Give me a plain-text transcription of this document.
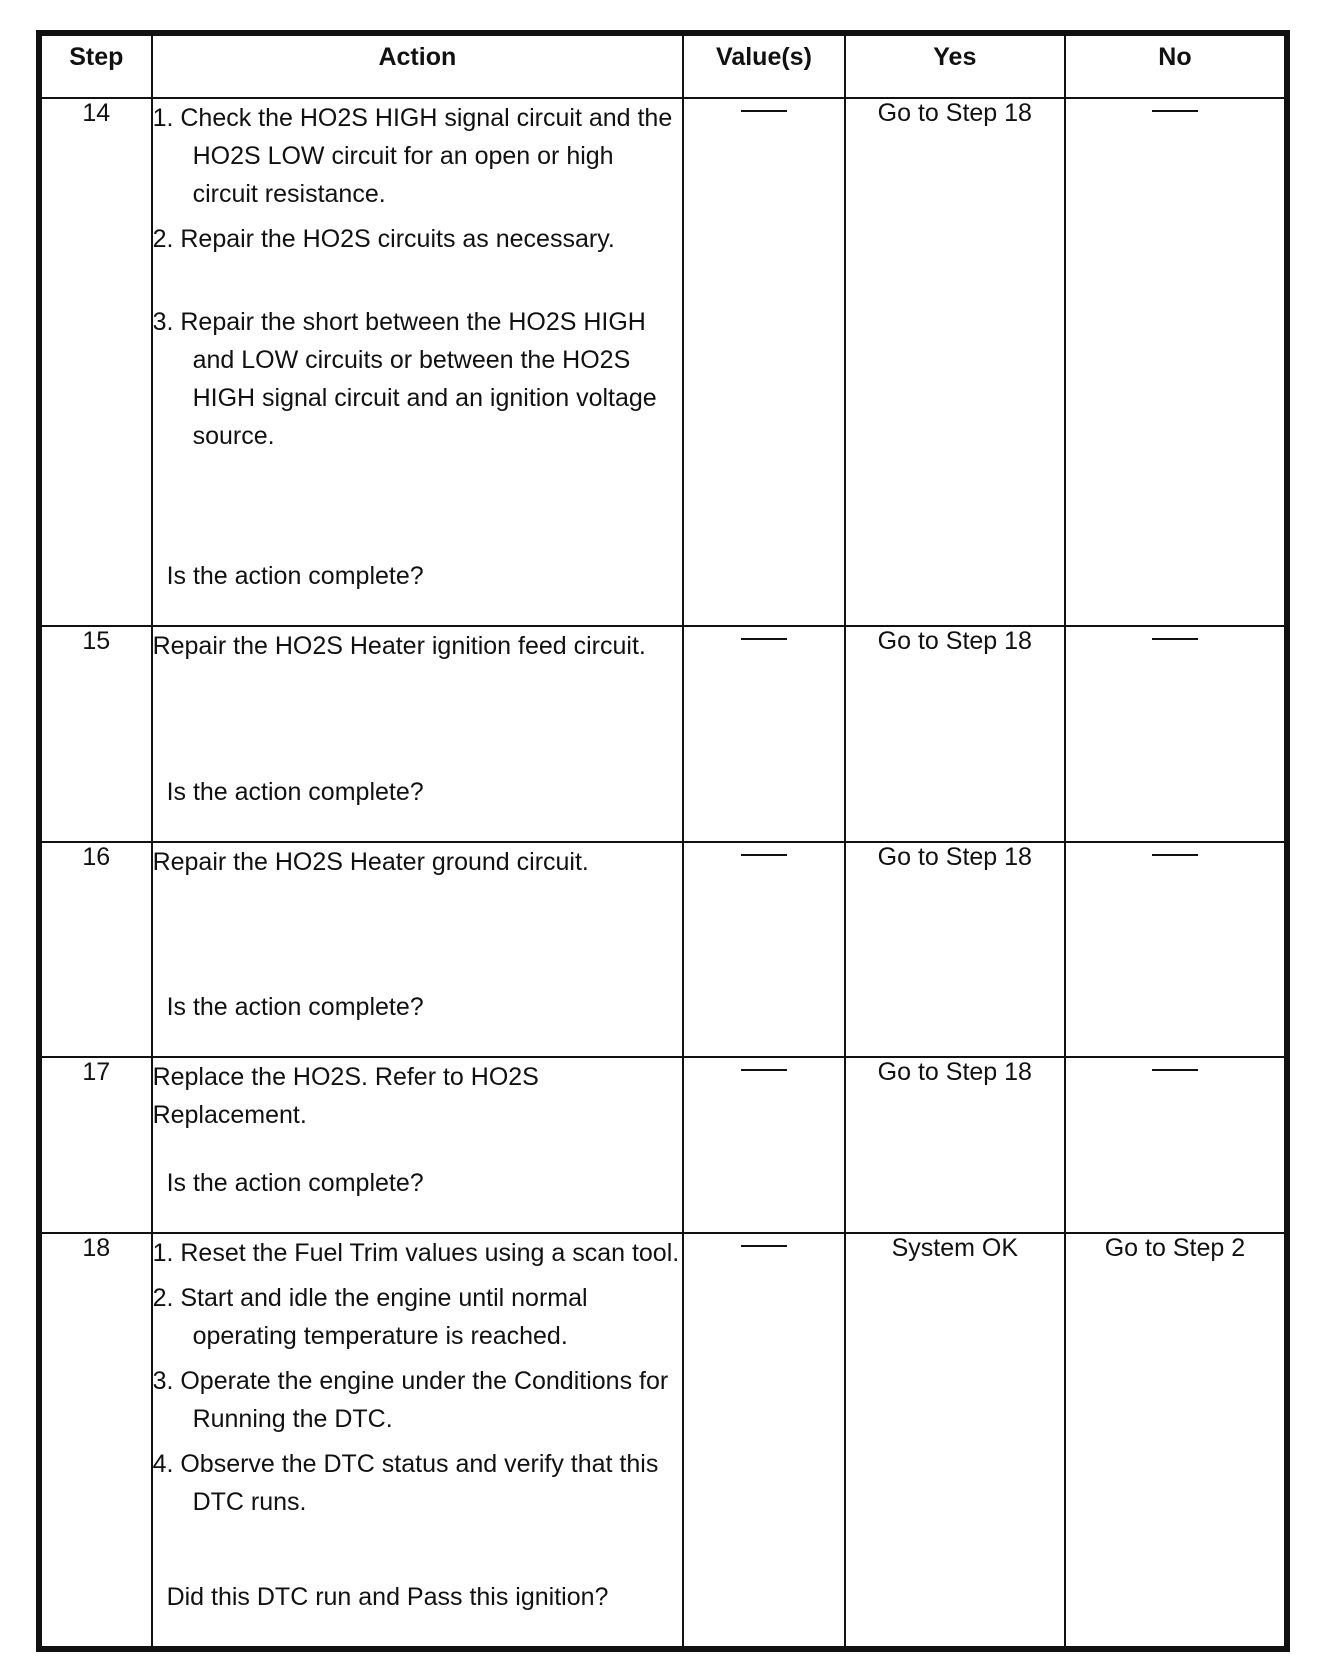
Step	Action	Value(s)	Yes	No
14	1. Check the HO2S HIGH signal circuit and the HO2S LOW circuit for an open or high circuit resistance.
2. Repair the HO2S circuits as necessary.
3. Repair the short between the HO2S HIGH and LOW circuits or between the HO2S HIGH signal circuit and an ignition voltage source.
Is the action complete?		Go to Step 18	
15	Repair the HO2S Heater ignition feed circuit.

Is the action complete?		Go to Step 18	
16	Repair the HO2S Heater ground circuit.

Is the action complete?		Go to Step 18	
17	Replace the HO2S. Refer to HO2S Replacement.

Is the action complete?		Go to Step 18	
18	1. Reset the Fuel Trim values using a scan tool.
2. Start and idle the engine until normal operating temperature is reached.
3. Operate the engine under the Conditions for Running the DTC.
4. Observe the DTC status and verify that this DTC runs.
Did this DTC run and Pass this ignition?		System OK	Go to Step 2
